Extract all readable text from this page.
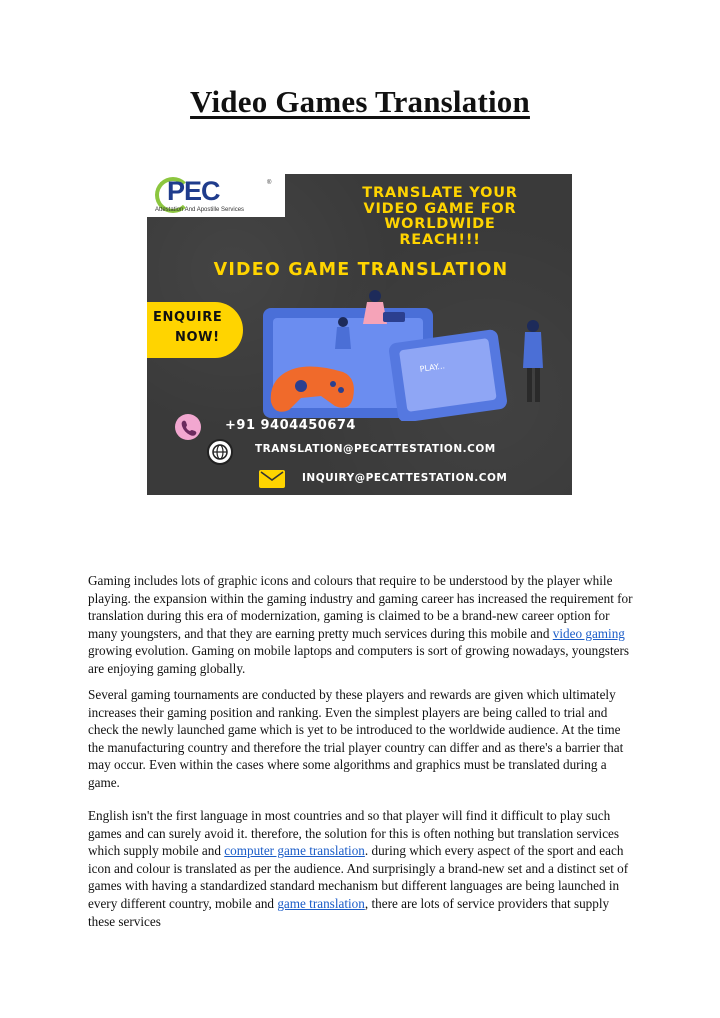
Video Games Translation
PEC	®
Attestation And Apostille Services
TRANSLATE YOUR
VIDEO GAME FOR
WORLDWIDE
REACH!!!
VIDEO GAME TRANSLATION
ENQUIRE
NOW!
PLAY...
+91 9404450674
TRANSLATION@PECATTESTATION.COM
INQUIRY@PECATTESTATION.COM
Gaming includes lots of graphic icons and colours that require to be understood by the player while playing. the expansion within the gaming industry and gaming career has increased the requirement for translation during this era of modernization, gaming is claimed to be a brand-new career option for many youngsters, and that they are earning pretty much services during this mobile and video gaming growing evolution. Gaming on mobile laptops and computers is sort of growing nowadays, youngsters are enjoying gaming globally.
Several gaming tournaments are conducted by these players and rewards are given which ultimately increases their gaming position and ranking. Even the simplest players are being called to trial and check the newly launched game which is yet to be introduced to the worldwide audience. At the time the manufacturing country and therefore the trial player country can differ and as there's a barrier that may occur. Even within the cases where some algorithms and graphics must be translated during a game.
English isn't the first language in most countries and so that player will find it difficult to play such games and can surely avoid it. therefore, the solution for this is often nothing but translation services which supply mobile and computer game translation. during which every aspect of the sport and each icon and colour is translated as per the audience. And surprisingly a brand-new set and a distinct set of games with having a standardized standard mechanism but different languages are being launched in every different country, mobile and game translation, there are lots of service providers that supply these services
